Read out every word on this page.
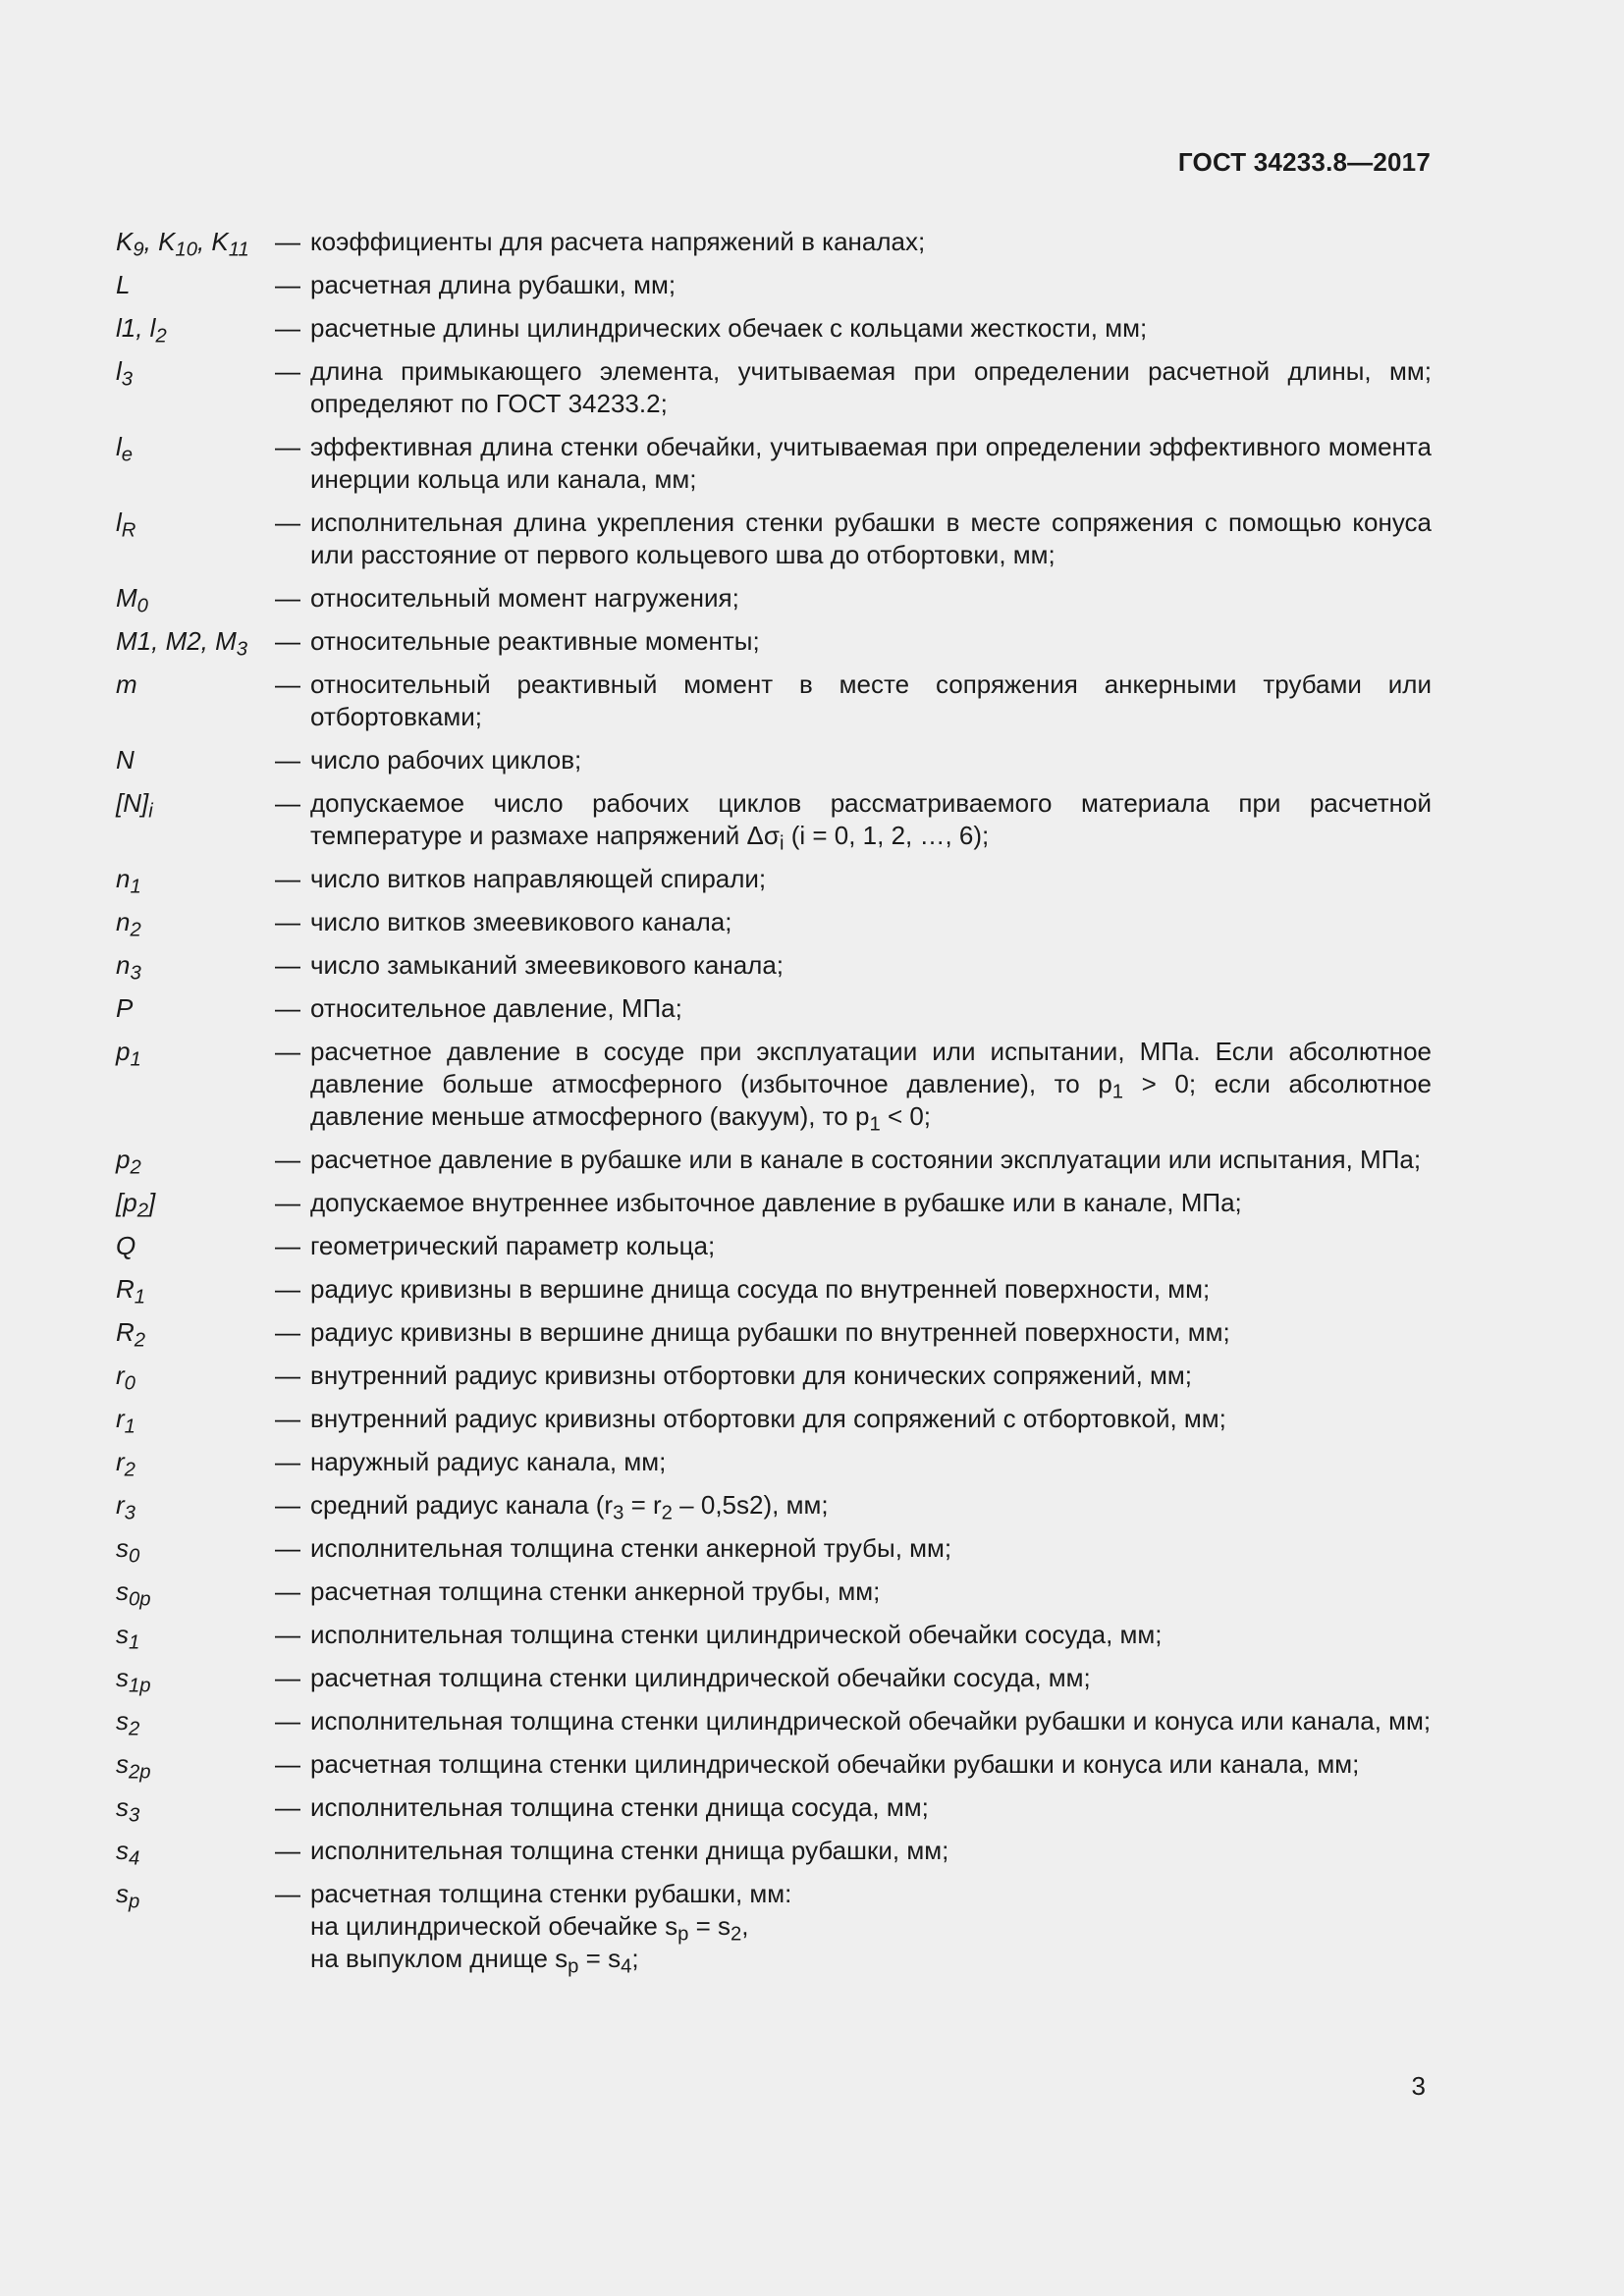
ГОСТ 34233.8—2017
$K_9$, $K_{10}$, $K_{11}$	— коэффициенты для расчета напряжений в каналах;
L	— расчетная длина рубашки, мм;
l1, $l_2$	— расчетные длины цилиндрических обечаек с кольцами жесткости, мм;
$l_3$	— длина примыкающего элемента, учитываемая при определении расчетной длины, мм; определяют по ГОСТ 34233.2;
$l_e$	— эффективная длина стенки обечайки, учитываемая при определении эффективного момента инерции кольца или канала, мм;
$l_R$	— исполнительная длина укрепления стенки рубашки в месте сопряжения с помощью конуса или расстояние от первого кольцевого шва до отбортовки, мм;
$M_0$	— относительный момент нагружения;
M1, M2, $M_3$	— относительные реактивные моменты;
m	— относительный реактивный момент в месте сопряжения анкерными трубами или отбортовками;
N	— число рабочих циклов;
$[N]_i$	— допускаемое число рабочих циклов рассматриваемого материала при расчетной температуре и размахе напряжений $\Delta\sigma_i$ (i = 0, 1, 2, …, 6);
$n_1$	— число витков направляющей спирали;
$n_2$	— число витков змеевикового канала;
$n_3$	— число замыканий змеевикового канала;
P	— относительное давление, МПа;
$p_1$	— расчетное давление в сосуде при эксплуатации или испытании, МПа. Если абсолютное давление больше атмосферного (избыточное давление), то $p_1 > 0$; если абсолютное давление меньше атмосферного (вакуум), то $p_1 < 0$;
$p_2$	— расчетное давление в рубашке или в канале в состоянии эксплуатации или испытания, МПа;
$[p_2]$	— допускаемое внутреннее избыточное давление в рубашке или в канале, МПа;
Q	— геометрический параметр кольца;
$R_1$	— радиус кривизны в вершине днища сосуда по внутренней поверхности, мм;
$R_2$	— радиус кривизны в вершине днища рубашки по внутренней поверхности, мм;
$r_0$	— внутренний радиус кривизны отбортовки для конических сопряжений, мм;
$r_1$	— внутренний радиус кривизны отбортовки для сопряжений с отбортовкой, мм;
$r_2$	— наружный радиус канала, мм;
$r_3$	— средний радиус канала $(r_3 = r_2 - 0,5s2)$, мм;
$s_0$	— исполнительная толщина стенки анкерной трубы, мм;
$s_{0p}$	— расчетная толщина стенки анкерной трубы, мм;
$s_1$	— исполнительная толщина стенки цилиндрической обечайки сосуда, мм;
$s_{1p}$	— расчетная толщина стенки цилиндрической обечайки сосуда, мм;
$s_2$	— исполнительная толщина стенки цилиндрической обечайки рубашки и конуса или канала, мм;
$s_{2p}$	— расчетная толщина стенки цилиндрической обечайки рубашки и конуса или канала, мм;
$s_3$	— исполнительная толщина стенки днища сосуда, мм;
$s_4$	— исполнительная толщина стенки днища рубашки, мм;
$s_p$	— расчетная толщина стенки рубашки, мм:
на цилиндрической обечайке $s_p = s_2$,
на выпуклом днище $s_p = s_4$;
3
